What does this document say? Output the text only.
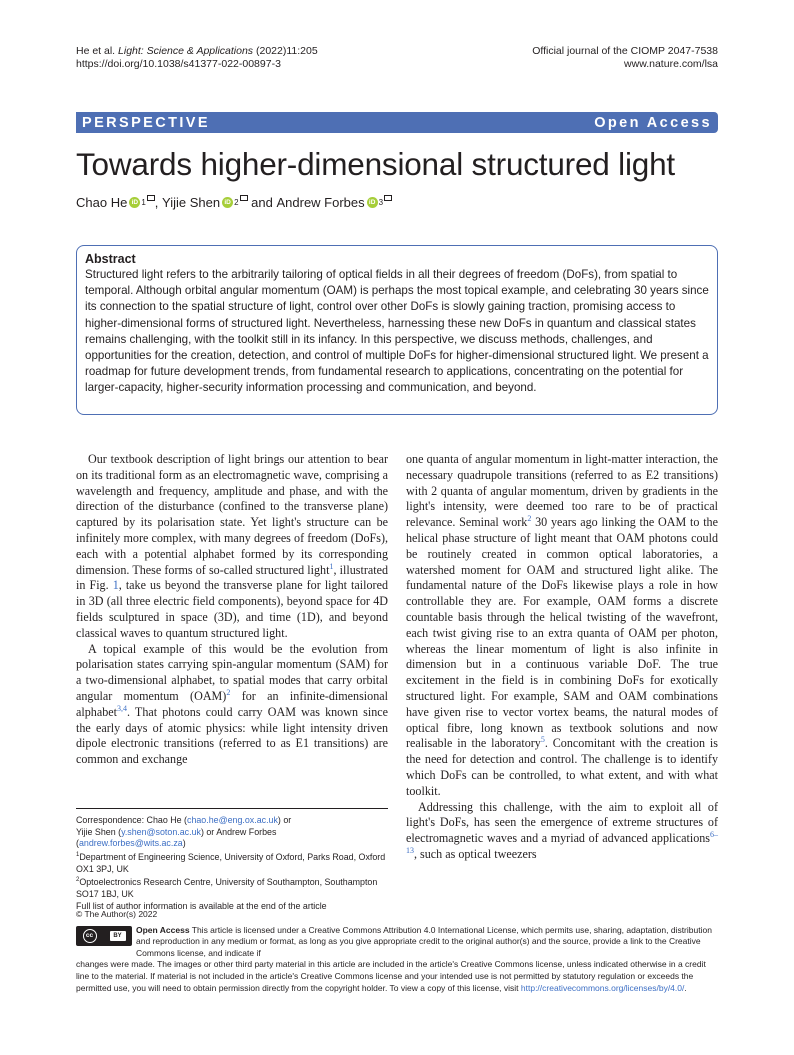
He et al. Light: Science & Applications (2022)11:205
https://doi.org/10.1038/s41377-022-00897-3
Official journal of the CIOMP 2047-7538
www.nature.com/lsa
PERSPECTIVE	Open Access
Towards higher-dimensional structured light
Chao He iD 1 ,
Yijie Shen iD 2
and
Andrew Forbes iD 3
Abstract

Structured light refers to the arbitrarily tailoring of optical fields in all their degrees of freedom (DoFs), from spatial to temporal. Although orbital angular momentum (OAM) is perhaps the most topical example, and celebrating 30 years since its connection to the spatial structure of light, control over other DoFs is slowly gaining traction, promising access to higher-dimensional forms of structured light. Nevertheless, harnessing these new DoFs in quantum and classical states remains challenging, with the toolkit still in its infancy. In this perspective, we discuss methods, challenges, and opportunities for the creation, detection, and control of multiple DoFs for higher-dimensional structured light. We present a roadmap for future development trends, from fundamental research to applications, concentrating on the potential for larger-capacity, higher-security information processing and communication, and beyond.

Our textbook description of light brings our attention to bear on its traditional form as an electromagnetic wave, comprising a wavelength and frequency, amplitude and phase, and with the direction of the disturbance (confined to the transverse plane) captured by its polarisation state. Yet light's structure can be infinitely more complex, with many degrees of freedom (DoFs), each with a potential alphabet formed by its corresponding dimension. These forms of so-called structured light$^1$, illustrated in Fig. 1, take us beyond the transverse plane for light tailored in 3D (all three electric field components), beyond space for 4D fields sculptured in space (3D), and time (1D), and beyond classical waves to quantum structured light.

A topical example of this would be the evolution from polarisation states carrying spin-angular momentum (SAM) for a two-dimensional alphabet, to spatial modes that carry orbital angular momentum (OAM)$^2$ for an infinite-dimensional alphabet$^{3,4}$. That photons could carry OAM was known since the early days of atomic physics: while light intensity driven dipole electronic transitions (referred to as E1 transitions) are common and exchange

one quanta of angular momentum in light-matter interaction, the necessary quadrupole transitions (referred to as E2 transitions) with 2 quanta of angular momentum, driven by gradients in the light's intensity, were deemed too rare to be of practical relevance. Seminal work$^2$ 30 years ago linking the OAM to the helical phase structure of light meant that OAM photons could be routinely created in common optical laboratories, a watershed moment for OAM and structured light alike. The fundamental nature of the DoFs likewise plays a role in how controllable they are. For example, OAM forms a discrete countable basis through the helical twisting of the wavefront, each twist giving rise to an extra quanta of OAM per photon, whereas the linear momentum of light is also infinite in dimension but in a continuous variable DoF. The true excitement in the field is in combining DoFs for exotically structured light. For example, SAM and OAM combinations have given rise to vector vortex beams, the natural modes of optical fibre, long known as textbook solutions and now realisable in the laboratory$^5$. Concomitant with the creation is the need for detection and control. The challenge is to identify which DoFs can be controlled, to what extent, and with what toolkit.

Addressing this challenge, with the aim to exploit all of light's DoFs, has seen the emergence of extreme structures of electromagnetic waves and a myriad of advanced applications$^{6-13}$, such as optical tweezers

Correspondence: Chao He (chao.he@eng.ox.ac.uk) or
Yijie Shen (y.shen@soton.ac.uk) or Andrew Forbes (andrew.forbes@wits.ac.za)
$^1$Department of Engineering Science, University of Oxford, Parks Road, Oxford OX1 3PJ, UK
$^2$Optoelectronics Research Centre, University of Southampton, Southampton SO17 1BJ, UK
Full list of author information is available at the end of the article
© The Author(s) 2022
cc	BY
Open Access This article is licensed under a Creative Commons Attribution 4.0 International License, which permits use, sharing, adaptation, distribution and reproduction in any medium or format, as long as you give appropriate credit to the original author(s) and the source, provide a link to the Creative Commons license, and indicate if
changes were made. The images or other third party material in this article are included in the article's Creative Commons license, unless indicated otherwise in a credit line to the material. If material is not included in the article's Creative Commons license and your intended use is not permitted by statutory regulation or exceeds the permitted use, you will need to obtain permission directly from the copyright holder. To view a copy of this license, visit http://creativecommons.org/licenses/by/4.0/.
